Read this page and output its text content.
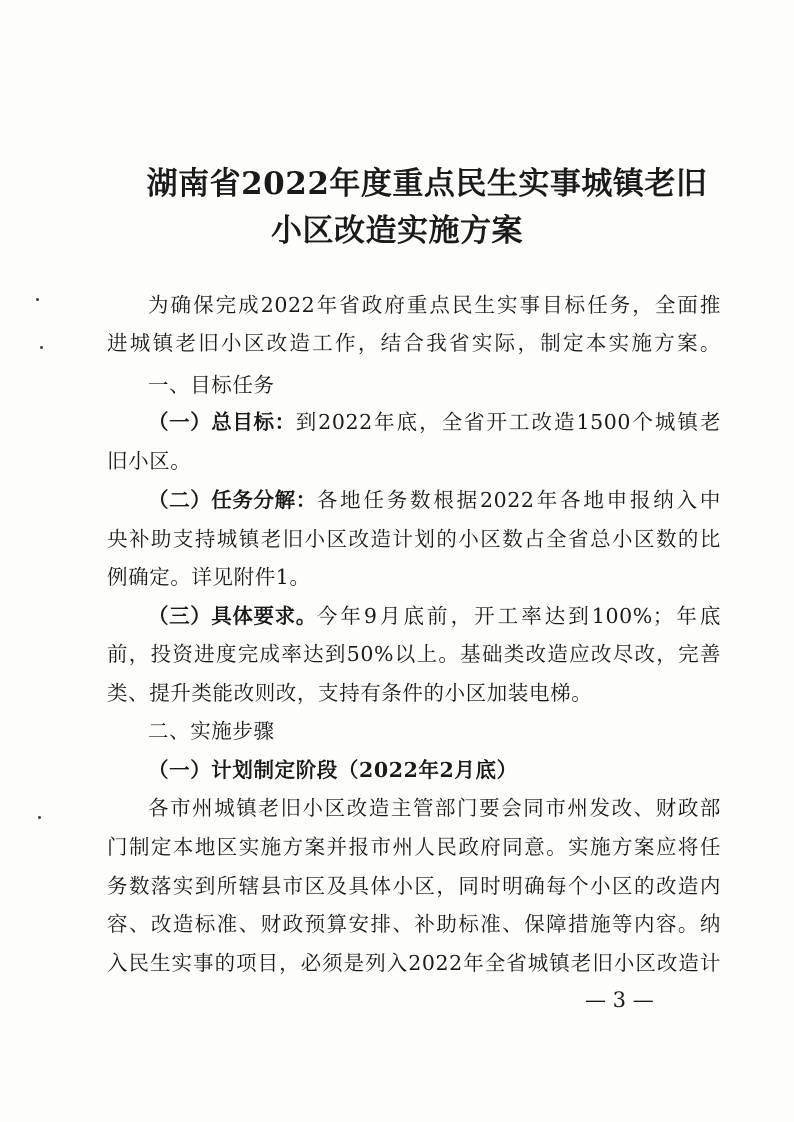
湖南省2022年度重点民生实事城镇老旧
小区改造实施方案
为确保完成2022年省政府重点民生实事目标任务，全面推
进城镇老旧小区改造工作，结合我省实际，制定本实施方案。
一、目标任务
（一）总目标： 到2022年底，全省开工改造1500个城镇老
旧小区。
（二）任务分解： 各地任务数根据2022年各地申报纳入中
央补助支持城镇老旧小区改造计划的小区数占全省总小区数的比
例确定。详见附件1。
（三）具体要求。 今年9月底前，开工率达到100%；年底
前，投资进度完成率达到50%以上。基础类改造应改尽改，完善
类、提升类能改则改，支持有条件的小区加装电梯。
二、实施步骤
（一）计划制定阶段（2022年2月底）
各市州城镇老旧小区改造主管部门要会同市州发改、财政部
门制定本地区实施方案并报市州人民政府同意。实施方案应将任
务数落实到所辖县市区及具体小区，同时明确每个小区的改造内
容、改造标准、财政预算安排、补助标准、保障措施等内容。纳
入民生实事的项目，必须是列入2022年全省城镇老旧小区改造计
— 3 —
